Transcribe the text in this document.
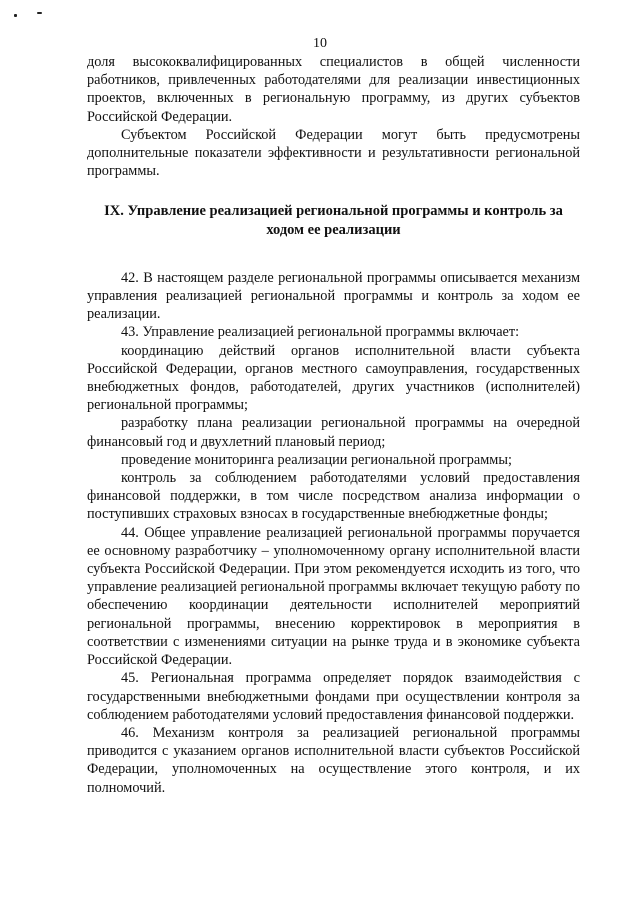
10

доля высококвалифицированных специалистов в общей численности работников, привлеченных работодателями для реализации инвестиционных проектов, включенных в региональную программу, из других субъектов Российской Федерации.

Субъектом Российской Федерации могут быть предусмотрены дополнительные показатели эффективности и результативности региональной программы.

IX. Управление реализацией региональной программы и контроль за ходом ее реализации

42. В настоящем разделе региональной программы описывается механизм управления реализацией региональной программы и контроль за ходом ее реализации.

43. Управление реализацией региональной программы включает:

координацию действий органов исполнительной власти субъекта Российской Федерации, органов местного самоуправления, государственных внебюджетных фондов, работодателей, других участников (исполнителей) региональной программы;

разработку плана реализации региональной программы на очередной финансовый год и двухлетний плановый период;

проведение мониторинга реализации региональной программы;

контроль за соблюдением работодателями условий предоставления финансовой поддержки, в том числе посредством анализа информации о поступивших страховых взносах в государственные внебюджетные фонды;

44. Общее управление реализацией региональной программы поручается ее основному разработчику – уполномоченному органу исполнительной власти субъекта Российской Федерации. При этом рекомендуется исходить из того, что управление реализацией региональной программы включает текущую работу по обеспечению координации деятельности исполнителей мероприятий региональной программы, внесению корректировок в мероприятия в соответствии с изменениями ситуации на рынке труда и в экономике субъекта Российской Федерации.

45. Региональная программа определяет порядок взаимодействия с государственными внебюджетными фондами при осуществлении контроля за соблюдением работодателями условий предоставления финансовой поддержки.

46. Механизм контроля за реализацией региональной программы приводится с указанием органов исполнительной власти субъектов Российской Федерации, уполномоченных на осуществление этого контроля, и их полномочий.
